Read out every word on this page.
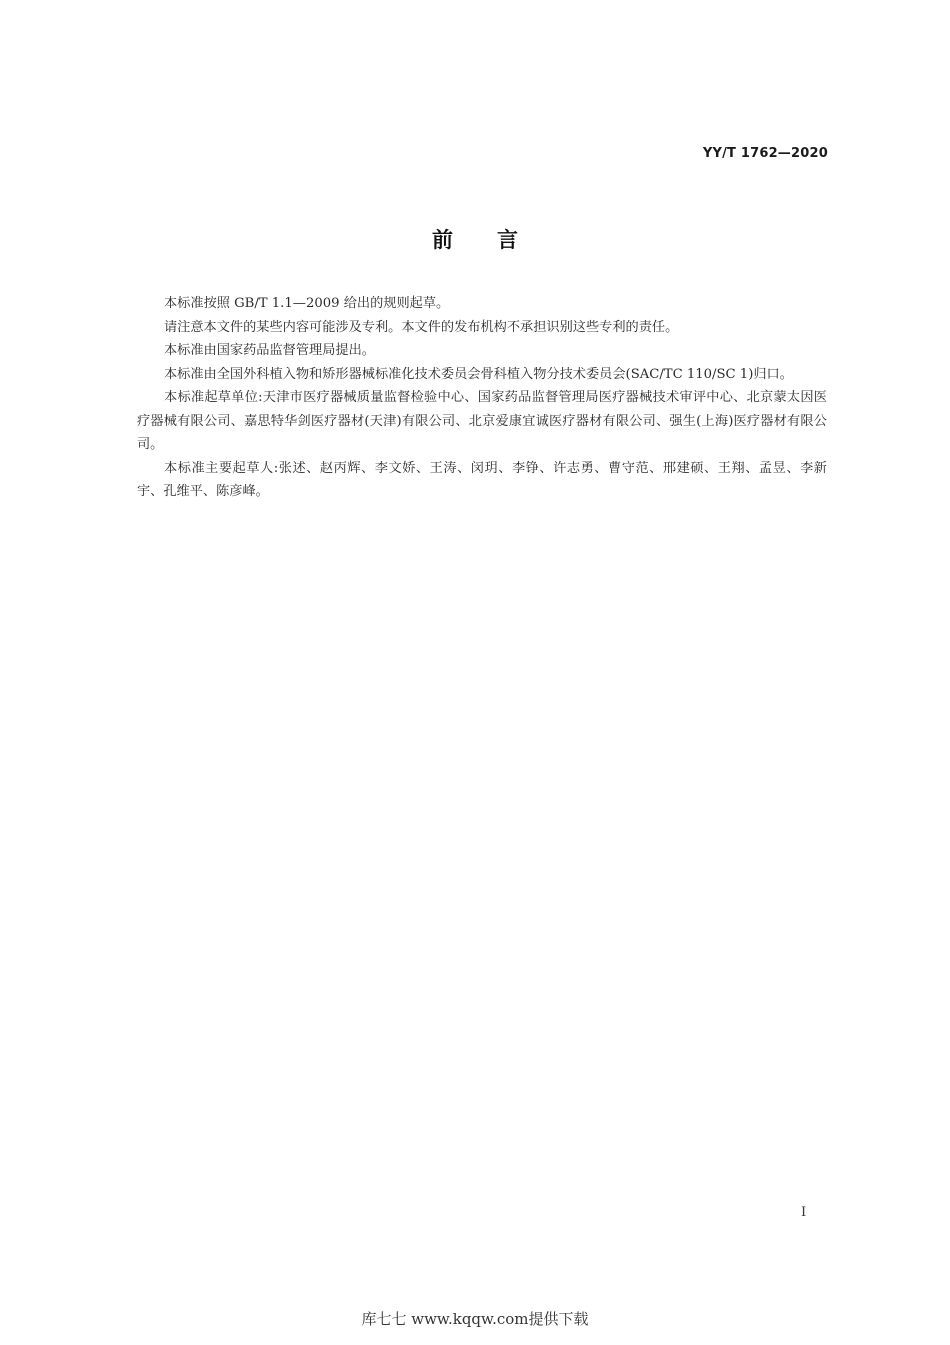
YY/T 1762—2020
前言

本标准按照 GB/T 1.1—2009 给出的规则起草。

请注意本文件的某些内容可能涉及专利。本文件的发布机构不承担识别这些专利的责任。

本标准由国家药品监督管理局提出。

本标准由全国外科植入物和矫形器械标准化技术委员会骨科植入物分技术委员会(SAC/TC 110/SC 1)归口。

本标准起草单位:天津市医疗器械质量监督检验中心、国家药品监督管理局医疗器械技术审评中心、北京蒙太因医疗器械有限公司、嘉思特华剑医疗器材(天津)有限公司、北京爱康宜诚医疗器材有限公司、强生(上海)医疗器材有限公司。

本标准主要起草人:张述、赵丙辉、李文娇、王涛、闵玥、李铮、许志勇、曹守范、邢建硕、王翔、孟昱、李新宇、孔维平、陈彦峰。

I
库七七 www.kqqw.com提供下载
